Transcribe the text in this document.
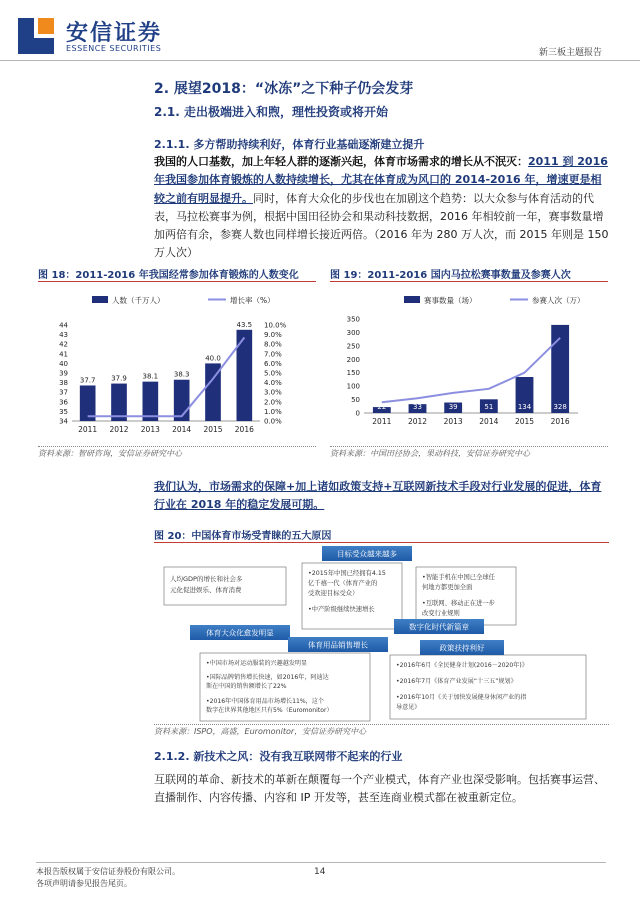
安信证券
ESSENCE SECURITIES	新三板主题报告
2. 展望2018：“冰冻”之下种子仍会发芽
2.1. 走出极端进入和煦，理性投资或将开始
2.1.1. 多方帮助持续利好，体育行业基础逐渐建立提升
我国的人口基数，加上年轻人群的逐渐兴起，体育市场需求的增长从不泯灭：2011 到 2016 年我国参加体育锻炼的人数持续增长，尤其在体育成为风口的 2014-2016 年，增速更是相较之前有明显提升。同时，体育大众化的步伐也在加剧这个趋势：以大众参与体育活动的代表，马拉松赛事为例，根据中国田径协会和果动科技数据，2016 年相较前一年，赛事数量增加两倍有余，参赛人数也同样增长接近两倍。（2016 年为 280 万人次，而 2015 年则是 150 万人次）
图 18：2011-2016 年我国经常参加体育锻炼的人数变化
人数（千万人）	增长率（%）
34
35
36
37
38
39
40
41
42
43
44
0.0%
1.0%
2.0%
3.0%
4.0%
5.0%
6.0%
7.0%
8.0%
9.0%
10.0%
37.7
2011
37.9
2012
38.1
2013
38.3
2014
40.0
2015
43.5
2016
资料来源：智研咨询，安信证券研究中心
图 19：2011-2016 国内马拉松赛事数量及参赛人次
赛事数量（场）	参赛人次（万）
0
50
100
150
200
250
300
350
22
2011
33
2012
39
2013
51
2014
134
2015
328
2016
资料来源：中国田径协会，果动科技，安信证券研究中心
我们认为，市场需求的保障+加上诸如政策支持+互联网新技术手段对行业发展的促进，体育行业在 2018 年的稳定发展可期。
图 20：中国体育市场受青睐的五大原因
人均GDP的增长和社会多
元化促进娱乐、体育消费
•2015年中国已经拥有4.15
亿千禧一代（体育产业的
受欢迎目标受众）
•中产阶级继续快速增长
•智能手机在中国已全球任
何地方都更加全面
•互联网、移动正在进一步
改变行业规则
•中国市场对运动服装的兴趣越发明显
•国际品牌销售增长快速，如2016年，阿迪达
斯在中国的销售额增长了22%
•2016年中国体育用品市场增长11%，这个
数字在世界其他地区只有5%（Euromonitor）
•2016年6月《全民健身计划(2016－2020年)》
•2016年7月《体育产业发展“十三五”规划》
•2016年10月《关于加快发展健身休闲产业的指
导意见》
目标受众越来越多
体育大众化愈发明显
体育用品销售增长
数字化时代新篇章
政策扶持利好
资料来源：ISPO，高盛，Euromonitor，安信证券研究中心
2.1.2. 新技术之风：没有我互联网带不起来的行业
互联网的革命、新技术的革新在颠覆每一个产业模式，体育产业也深受影响。包括赛事运营、直播制作、内容传播、内容和 IP 开发等，甚至连商业模式都在被重新定位。
本报告版权属于安信证券股份有限公司。
各项声明请参见报告尾页。
14
